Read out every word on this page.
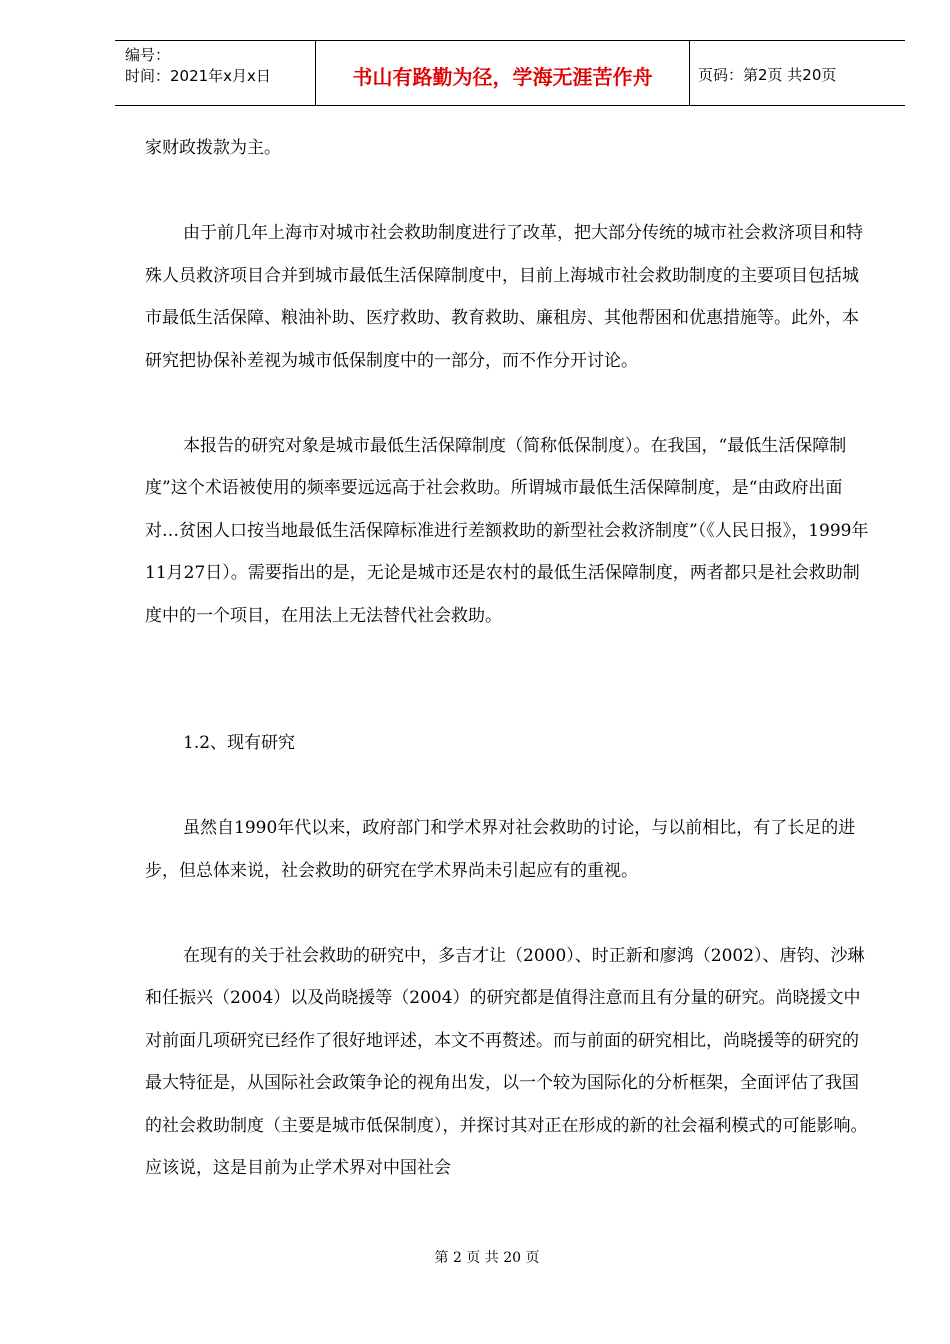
编号：
时间：2021年x月x日	书山有路勤为径，学海无涯苦作舟	页码：第2页 共20页

家财政拨款为主。

由于前几年上海市对城市社会救助制度进行了改革，把大部分传统的城市社会救济项目和特殊人员救济项目合并到城市最低生活保障制度中，目前上海城市社会救助制度的主要项目包括城市最低生活保障、粮油补助、医疗救助、教育救助、廉租房、其他帮困和优惠措施等。此外，本研究把协保补差视为城市低保制度中的一部分，而不作分开讨论。

本报告的研究对象是城市最低生活保障制度（简称低保制度）。在我国，“最低生活保障制度”这个术语被使用的频率要远远高于社会救助。所谓城市最低生活保障制度，是“由政府出面对…贫困人口按当地最低生活保障标准进行差额救助的新型社会救济制度”（《人民日报》，1999年11月27日）。需要指出的是，无论是城市还是农村的最低生活保障制度，两者都只是社会救助制度中的一个项目，在用法上无法替代社会救助。

1.2、现有研究

虽然自1990年代以来，政府部门和学术界对社会救助的讨论，与以前相比，有了长足的进步，但总体来说，社会救助的研究在学术界尚未引起应有的重视。

在现有的关于社会救助的研究中，多吉才让（2000）、时正新和廖鸿（2002）、唐钧、沙琳和任振兴（2004）以及尚晓援等（2004）的研究都是值得注意而且有分量的研究。尚晓援文中对前面几项研究已经作了很好地评述，本文不再赘述。而与前面的研究相比，尚晓援等的研究的最大特征是，从国际社会政策争论的视角出发，以一个较为国际化的分析框架，全面评估了我国的社会救助制度（主要是城市低保制度），并探讨其对正在形成的新的社会福利模式的可能影响。应该说，这是目前为止学术界对中国社会

第 2 页 共 20 页
